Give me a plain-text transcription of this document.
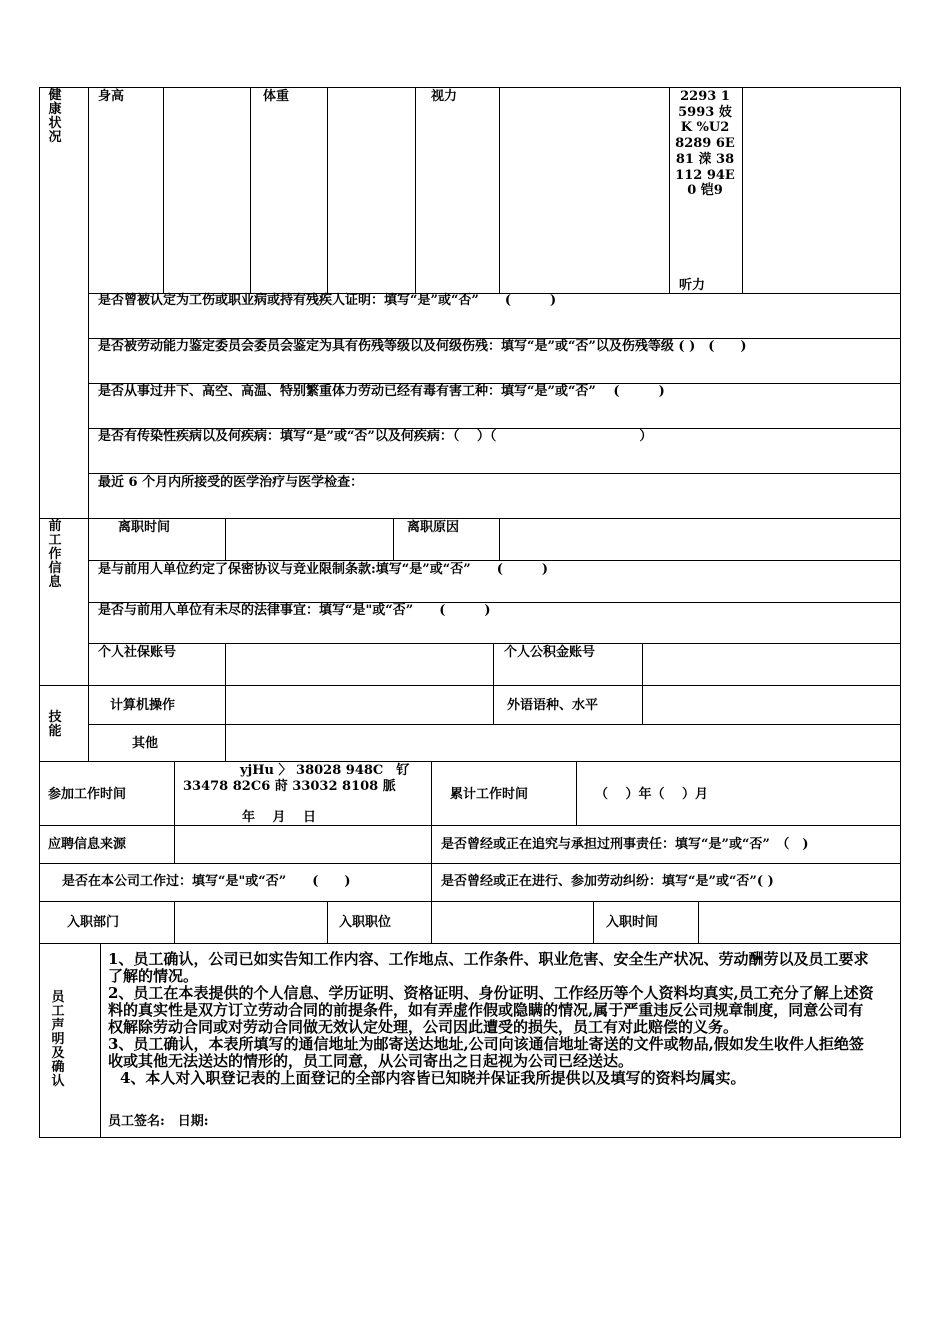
健康状况
身高	体重	视力	2293 1 5993 妓K %U2 8289 6E81 溁 38112 94E0 铠9
听力
是否曾被认定为工伤或职业病或持有残疾人证明：填写“是”或“否”　　(　　　)
是否被劳动能力鉴定委员会委员会鉴定为具有伤残等级以及何级伤残：填写“是”或“否”以及伤残等级 ( )　(　　)
是否从事过井下、高空、高温、特别繁重体力劳动已经有毒有害工种：填写“是”或“否”　 (　　　)
是否有传染性疾病以及何疾病：填写“是”或“否”以及何疾病：（　 ）（　　　　　　　　　　　）
最近 6 个月内所接受的医学治疗与医学检查：
前工作信息
离职时间	离职原因
是与前用人单位约定了保密协议与竞业限制条款:填写“是”或“否”　　(　　　)
是否与前用人单位有未尽的法律事宜：填写“是"或“否”　　(　　　)
个人社保账号	个人公积金账号
技能
计算机操作	外语语种、水平
其他
参加工作时间
yjHu 〉 38028 948C　钌
33478 82C6 莳 33032 8108 脈
年　 月　 日
累计工作时间	（　 ）年（　 ）月
应聘信息来源	是否曾经或正在追究与承担过刑事责任：填写“是”或“否”　（　)
是否在本公司工作过：填写“是"或“否”　　(　　)	是否曾经或正在进行、参加劳动纠纷：填写“是”或“否”( )
入职部门	入职职位	入职时间
员工声明及确认

1、员工确认，公司已如实告知工作内容、工作地点、工作条件、职业危害、安全生产状况、劳动酬劳以及员工要求了解的情况。

2、员工在本表提供的个人信息、学历证明、资格证明、身份证明、工作经历等个人资料均真实,员工充分了解上述资料的真实性是双方订立劳动合同的前提条件，如有弄虚作假或隐瞒的情况,属于严重违反公司规章制度，同意公司有权解除劳动合同或对劳动合同做无效认定处理，公司因此遭受的损失，员工有对此赔偿的义务。

3、员工确认，本表所填写的通信地址为邮寄送达地址,公司向该通信地址寄送的文件或物品,假如发生收件人拒绝签收或其他无法送达的情形的，员工同意，从公司寄出之日起视为公司已经送达。

4、本人对入职登记表的上面登记的全部内容皆已知晓并保证我所提供以及填写的资料均属实。

员工签名:　日期:
